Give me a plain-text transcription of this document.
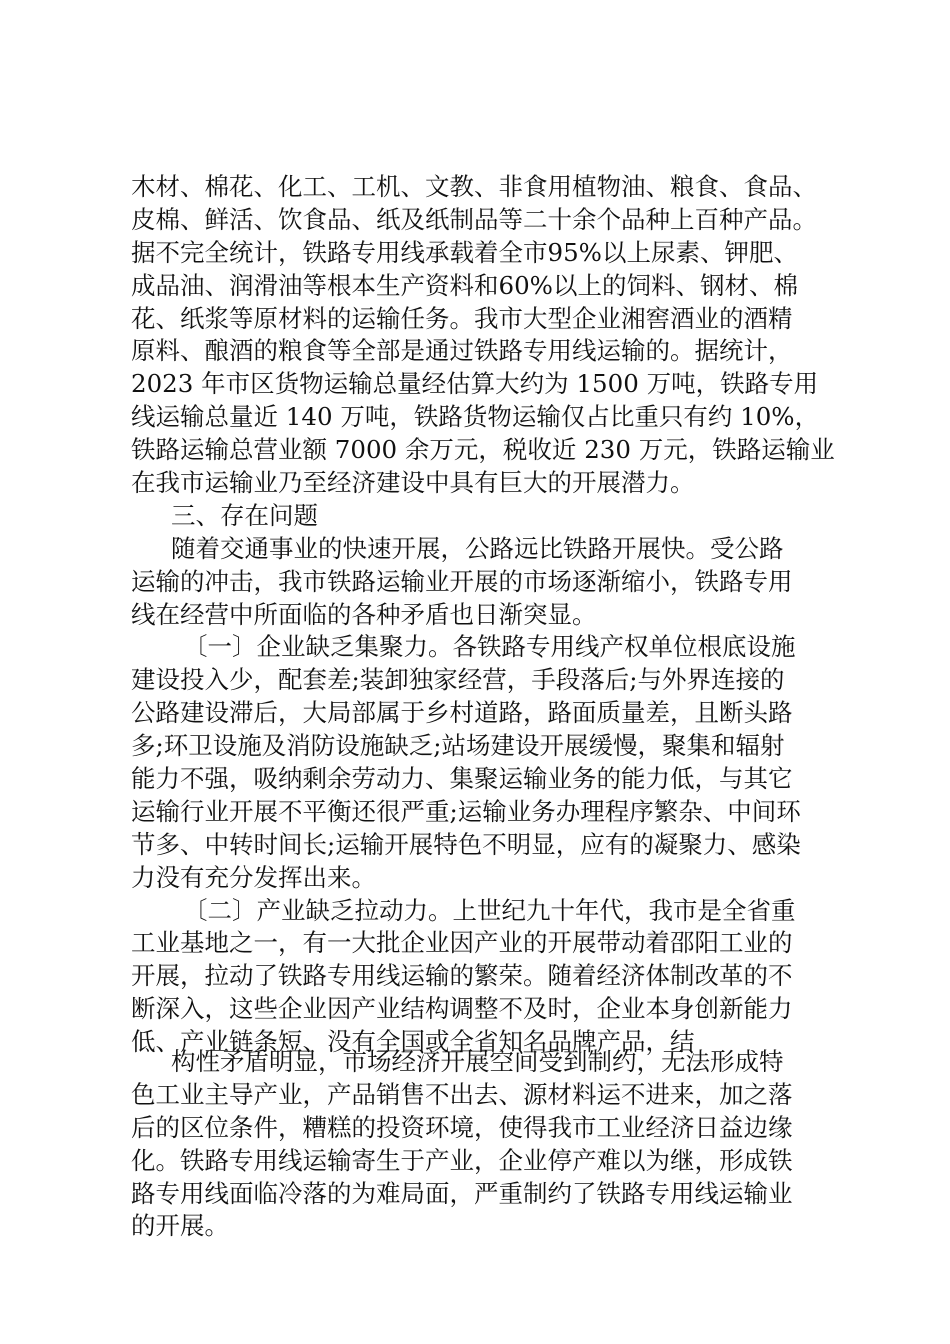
木材、棉花、化工、工机、文教、非食用植物油、粮食、食品、
皮棉、鲜活、饮食品、纸及纸制品等二十余个品种上百种产品。
据不完全统计，铁路专用线承载着全市95%以上尿素、钾肥、
成品油、润滑油等根本生产资料和60%以上的饲料、钢材、棉
花、纸浆等原材料的运输任务。我市大型企业湘窖酒业的酒精
原料、酿酒的粮食等全部是通过铁路专用线运输的。据统计，
2023 年市区货物运输总量经估算大约为 1500 万吨，铁路专用
线运输总量近 140 万吨，铁路货物运输仅占比重只有约 10%，
铁路运输总营业额 7000 余万元，税收近 230 万元，铁路运输业
在我市运输业乃至经济建设中具有巨大的开展潜力。
三、存在问题
随着交通事业的快速开展，公路远比铁路开展快。受公路
运输的冲击，我市铁路运输业开展的市场逐渐缩小，铁路专用
线在经营中所面临的各种矛盾也日渐突显。
〔一〕企业缺乏集聚力。各铁路专用线产权单位根底设施
建设投入少，配套差;装卸独家经营，手段落后;与外界连接的
公路建设滞后，大局部属于乡村道路，路面质量差，且断头路
多;环卫设施及消防设施缺乏;站场建设开展缓慢，聚集和辐射
能力不强，吸纳剩余劳动力、集聚运输业务的能力低，与其它
运输行业开展不平衡还很严重;运输业务办理程序繁杂、中间环
节多、中转时间长;运输开展特色不明显，应有的凝聚力、感染
力没有充分发挥出来。
〔二〕产业缺乏拉动力。上世纪九十年代，我市是全省重
工业基地之一，有一大批企业因产业的开展带动着邵阳工业的
开展，拉动了铁路专用线运输的繁荣。随着经济体制改革的不
断深入，这些企业因产业结构调整不及时，企业本身创新能力
低、产业链条短、没有全国或全省知名品牌产品，结
构性矛盾明显，市场经济开展空间受到制约，无法形成特
色工业主导产业，产品销售不出去、源材料运不进来，加之落
后的区位条件，糟糕的投资环境，使得我市工业经济日益边缘
化。铁路专用线运输寄生于产业，企业停产难以为继，形成铁
路专用线面临冷落的为难局面，严重制约了铁路专用线运输业
的开展。
